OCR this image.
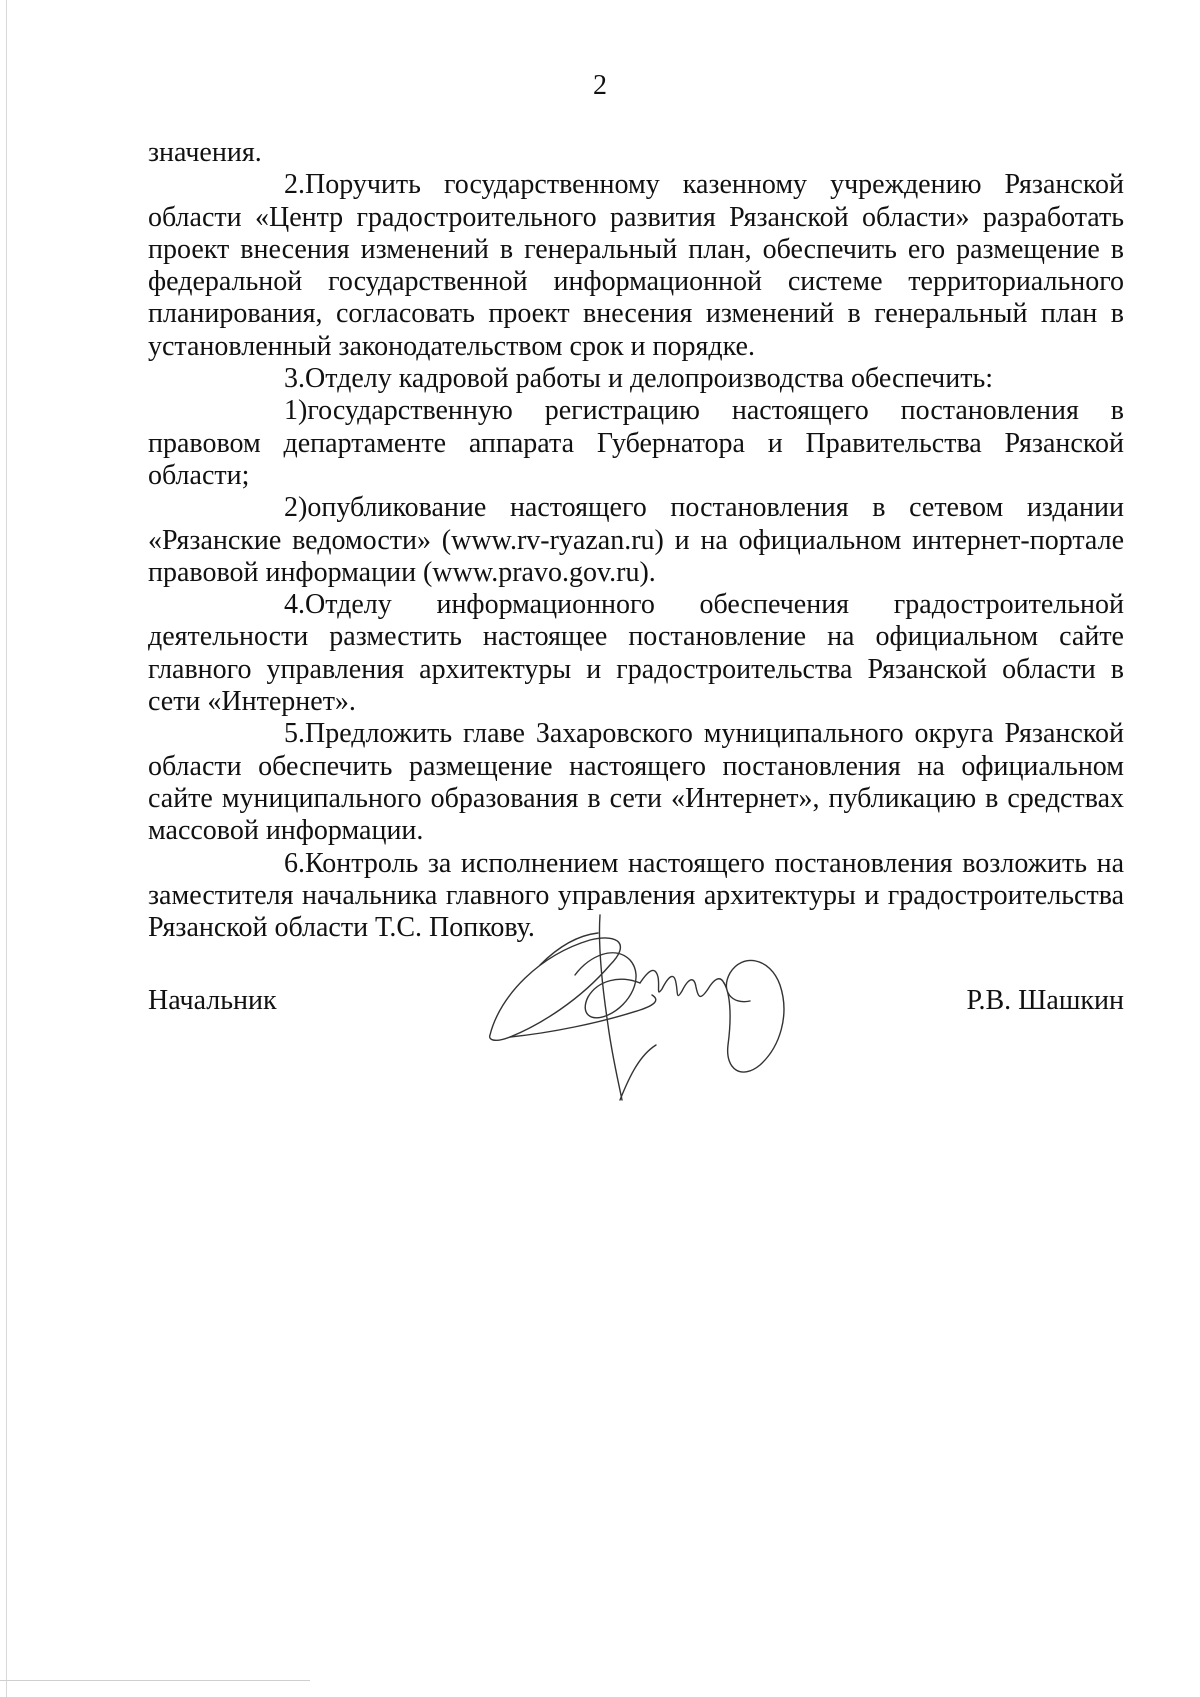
2

значения.

2.Поручить государственному казенному учреждению Рязанской области «Центр градостроительного развития Рязанской области» разработать проект внесения изменений в генеральный план, обеспечить его размещение в федеральной государственной информационной системе территориального планирования, согласовать проект внесения изменений в генеральный план в установленный законодательством срок и порядке.

3.Отделу кадровой работы и делопроизводства обеспечить:

1)государственную регистрацию настоящего постановления в правовом департаменте аппарата Губернатора и Правительства Рязанской области;

2)опубликование настоящего постановления в сетевом издании «Рязанские ведомости» (www.rv-ryazan.ru) и на официальном интернет-портале правовой информации (www.pravo.gov.ru).

4.Отделу информационного обеспечения градостроительной деятельности разместить настоящее постановление на официальном сайте главного управления архитектуры и градостроительства Рязанской области в сети «Интернет».

5.Предложить главе Захаровского муниципального округа Рязанской области обеспечить размещение настоящего постановления на официальном сайте муниципального образования в сети «Интернет», публикацию в средствах массовой информации.

6.Контроль за исполнением настоящего постановления возложить на заместителя начальника главного управления архитектуры и градостроительства Рязанской области Т.С. Попкову.

Начальник	Р.В. Шашкин
